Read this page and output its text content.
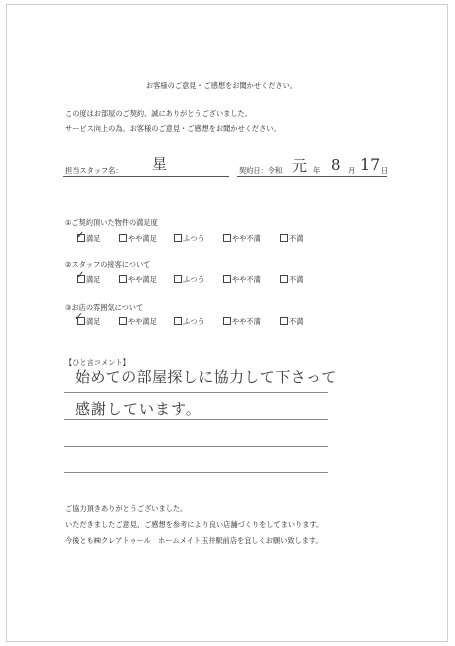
お客様のご意見・ご感想をお聞かせください。
この度はお部屋のご契約、誠にありがとうございました。
サービス向上の為、お客様のご意見・ご感想をお聞かせください。
担当スタッフ名： 星	契約日：令和 元 年 8 月 17 日
①ご契約頂いた物件の満足度
満足	やや満足	ふつう	やや不満	不満
✓
②スタッフの接客について
満足	やや満足	ふつう	やや不満	不満
✓
③お店の雰囲気について
満足	やや満足	ふつう	やや不満	不満
✓
【ひと言コメント】
始めての部屋探しに協力して下さって
感謝しています。
ご協力頂きありがとうございました。
いただきましたご意見、ご感想を参考により良い店舗づくりをしてまいります。
今後とも㈱クレアトゥール　ホームメイト玉井駅前店を宜しくお願い致します。
